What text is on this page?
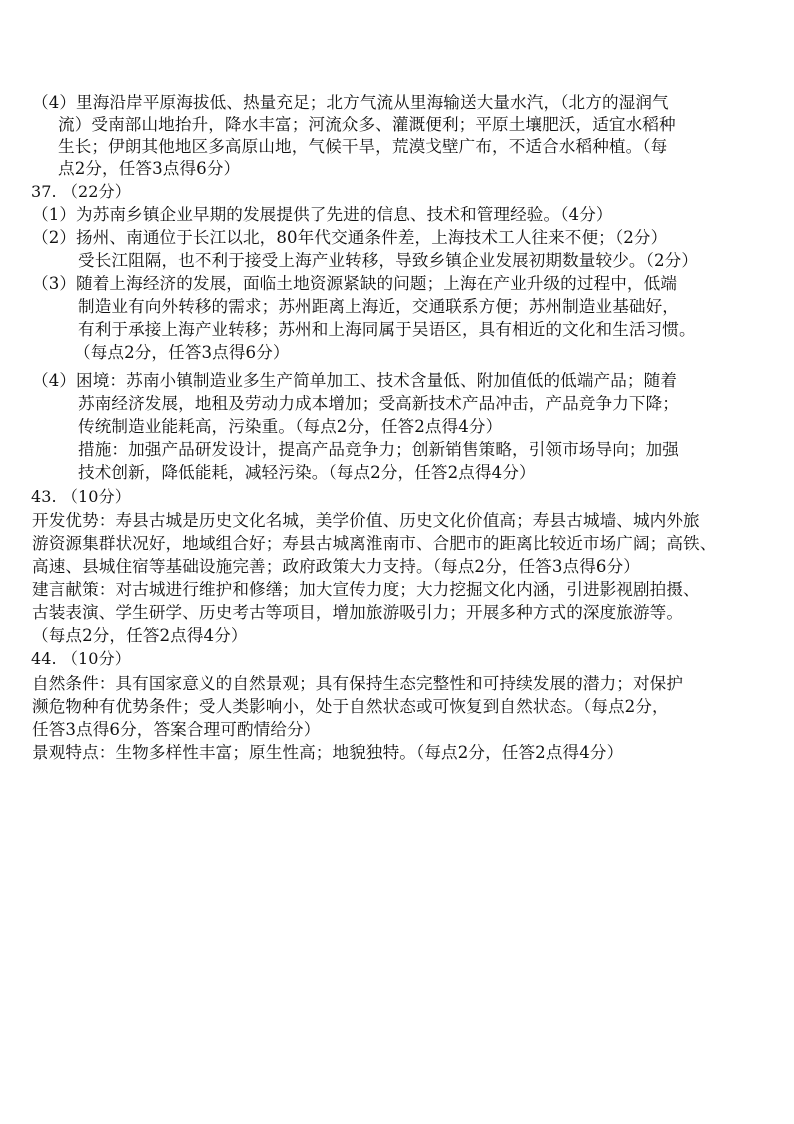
（4）里海沿岸平原海拔低、热量充足；北方气流从里海输送大量水汽，（北方的湿润气
流）受南部山地抬升，降水丰富；河流众多、灌溉便利；平原土壤肥沃，适宜水稻种
生长；伊朗其他地区多高原山地，气候干旱，荒漠戈壁广布，不适合水稻种植。（每
点2分，任答3点得6分）
37. （22分）
（1）为苏南乡镇企业早期的发展提供了先进的信息、技术和管理经验。（4分）
（2）扬州、南通位于长江以北，80年代交通条件差，上海技术工人往来不便；（2分）
受长江阻隔，也不利于接受上海产业转移，导致乡镇企业发展初期数量较少。（2分）
（3）随着上海经济的发展，面临土地资源紧缺的问题；上海在产业升级的过程中，低端
制造业有向外转移的需求；苏州距离上海近，交通联系方便；苏州制造业基础好，
有利于承接上海产业转移；苏州和上海同属于吴语区，具有相近的文化和生活习惯。
（每点2分，任答3点得6分）
（4）困境：苏南小镇制造业多生产简单加工、技术含量低、附加值低的低端产品；随着
苏南经济发展，地租及劳动力成本增加；受高新技术产品冲击，产品竞争力下降；
传统制造业能耗高，污染重。（每点2分，任答2点得4分）
措施：加强产品研发设计，提高产品竞争力；创新销售策略，引领市场导向；加强
技术创新，降低能耗，减轻污染。（每点2分，任答2点得4分）
43. （10分）
开发优势：寿县古城是历史文化名城，美学价值、历史文化价值高；寿县古城墙、城内外旅
游资源集群状况好，地域组合好；寿县古城离淮南市、合肥市的距离比较近市场广阔；高铁、
高速、县城住宿等基础设施完善；政府政策大力支持。（每点2分，任答3点得6分）
建言献策：对古城进行维护和修缮；加大宣传力度；大力挖掘文化内涵，引进影视剧拍摄、
古装表演、学生研学、历史考古等项目，增加旅游吸引力；开展多种方式的深度旅游等。
（每点2分，任答2点得4分）
44. （10分）
自然条件：具有国家意义的自然景观；具有保持生态完整性和可持续发展的潜力；对保护
濒危物种有优势条件；受人类影响小，处于自然状态或可恢复到自然状态。（每点2分，
任答3点得6分，答案合理可酌情给分）
景观特点：生物多样性丰富；原生性高；地貌独特。（每点2分，任答2点得4分）
